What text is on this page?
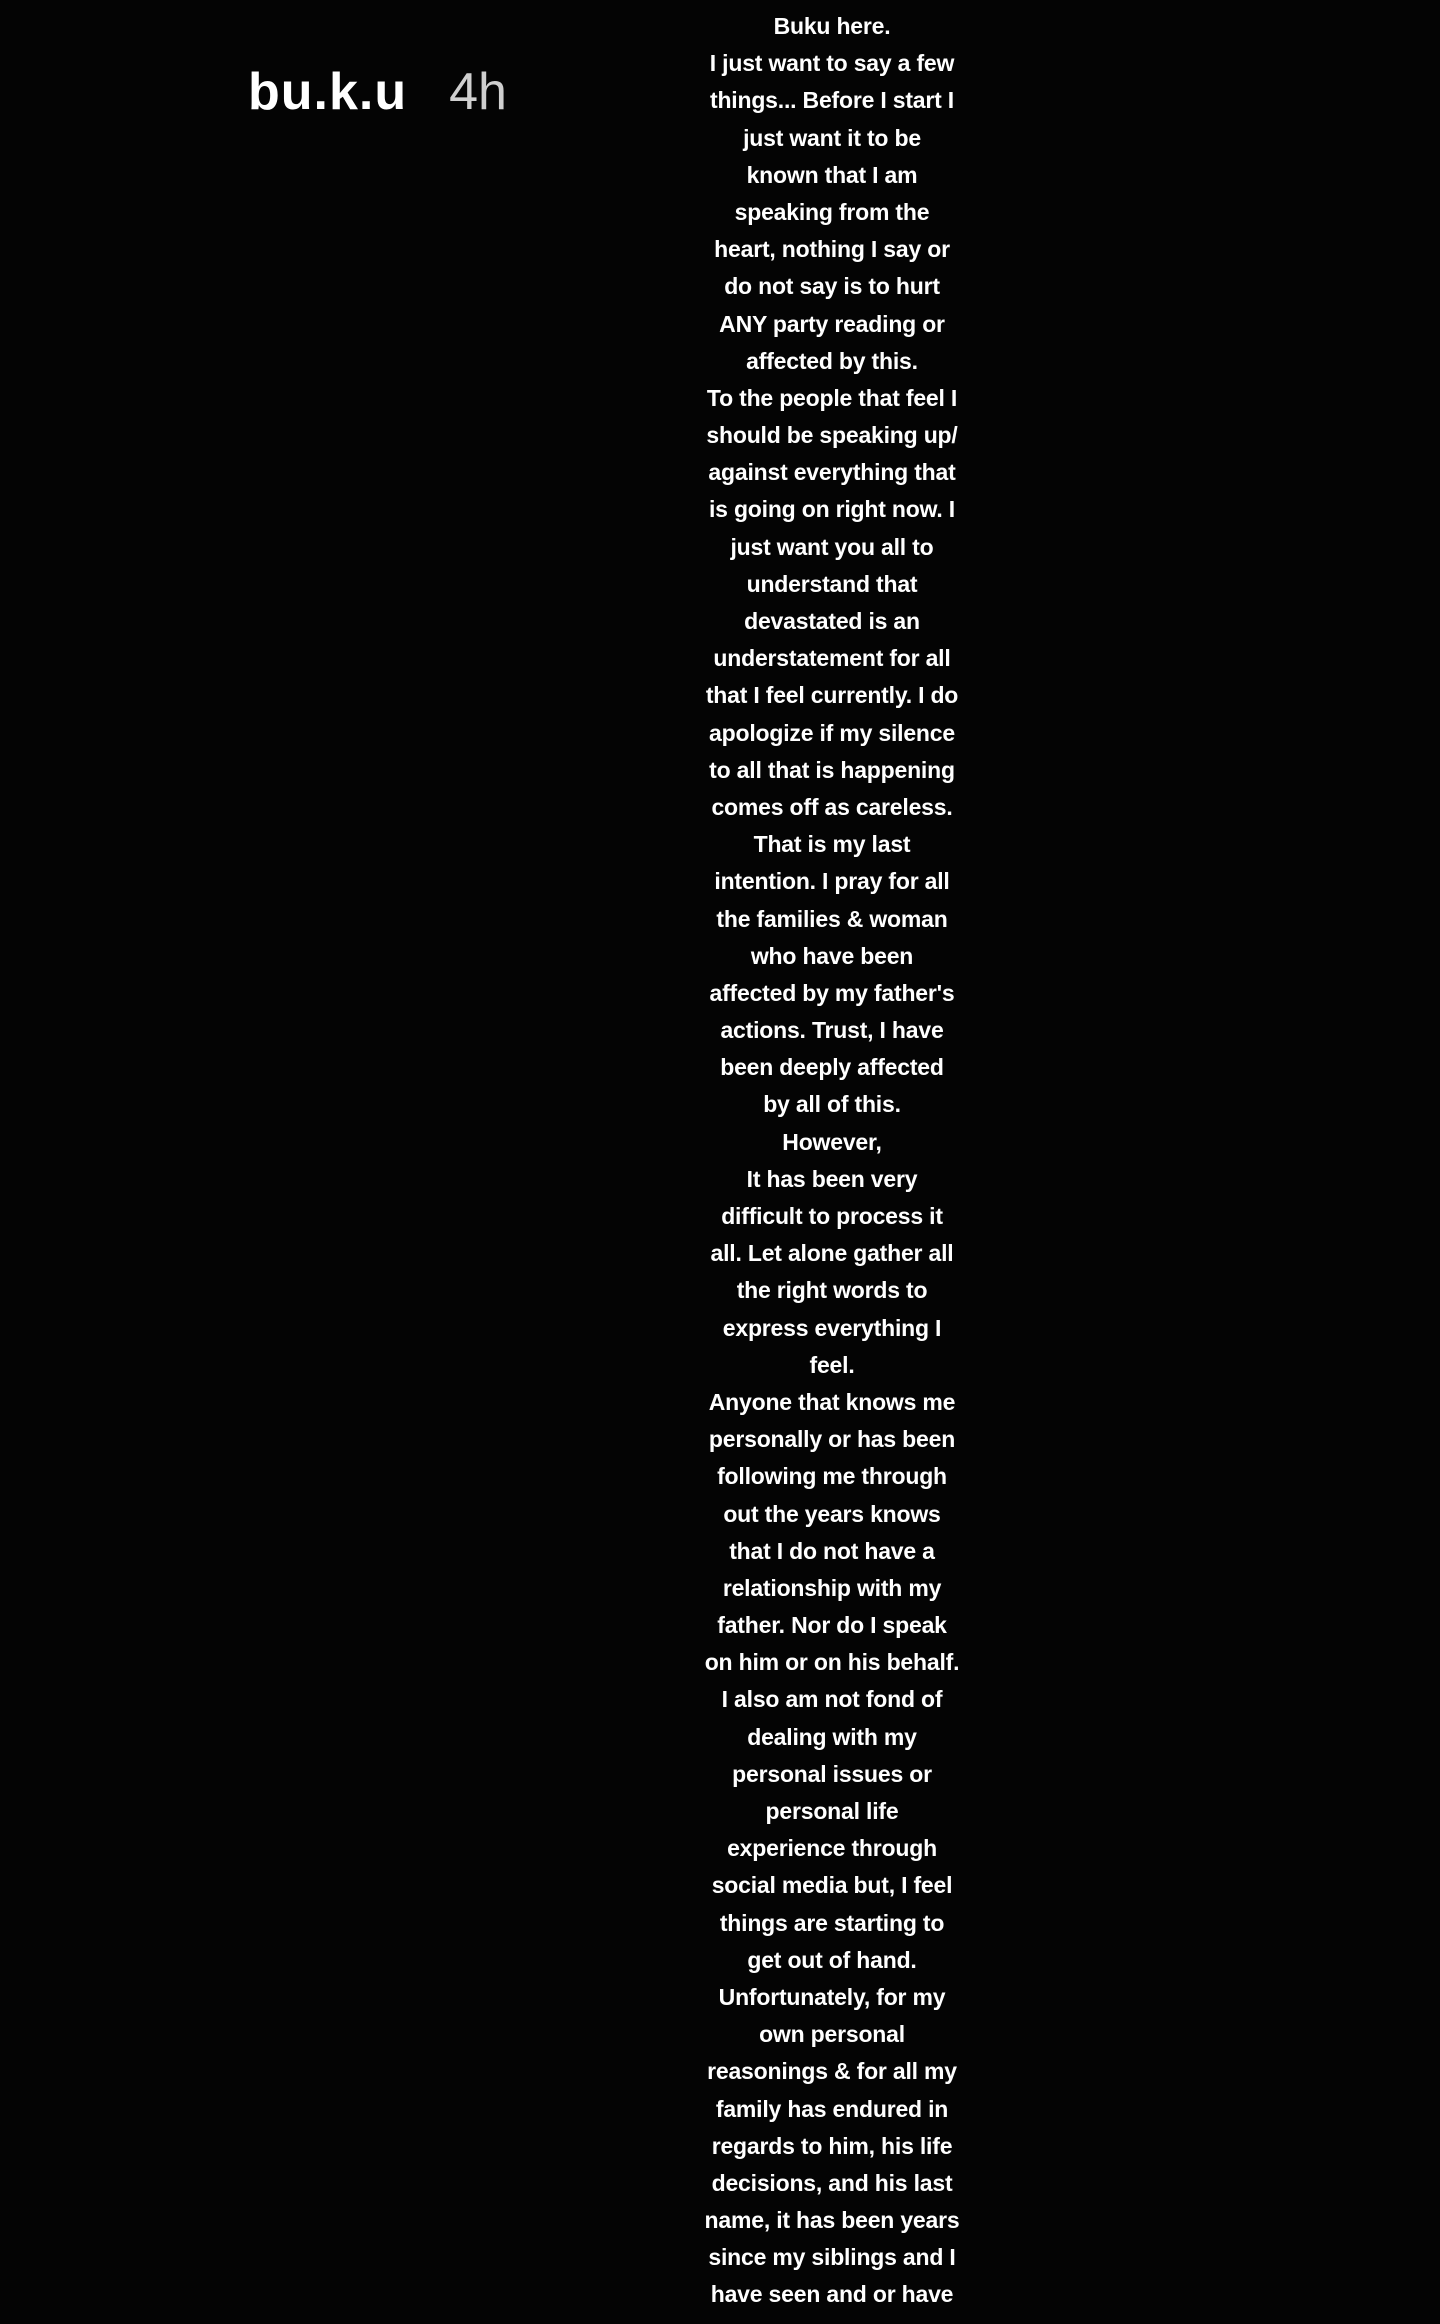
bu.k.u 4h
Buku here.
I just want to say a few
things... Before I start I
just want it to be
known that I am
speaking from the
heart, nothing I say or
do not say is to hurt
ANY party reading or
affected by this.
To the people that feel I
should be speaking up/
against everything that
is going on right now. I
just want you all to
understand that
devastated is an
understatement for all
that I feel currently. I do
apologize if my silence
to all that is happening
comes off as careless.
That is my last
intention. I pray for all
the families & woman
who have been
affected by my father's
actions. Trust, I have
been deeply affected
by all of this.
However,
It has been very
difficult to process it
all. Let alone gather all
the right words to
express everything I
feel.
Anyone that knows me
personally or has been
following me through
out the years knows
that I do not have a
relationship with my
father. Nor do I speak
on him or on his behalf.
I also am not fond of
dealing with my
personal issues or
personal life
experience through
social media but, I feel
things are starting to
get out of hand.
Unfortunately, for my
own personal
reasonings & for all my
family has endured in
regards to him, his life
decisions, and his last
name, it has been years
since my siblings and I
have seen and or have
